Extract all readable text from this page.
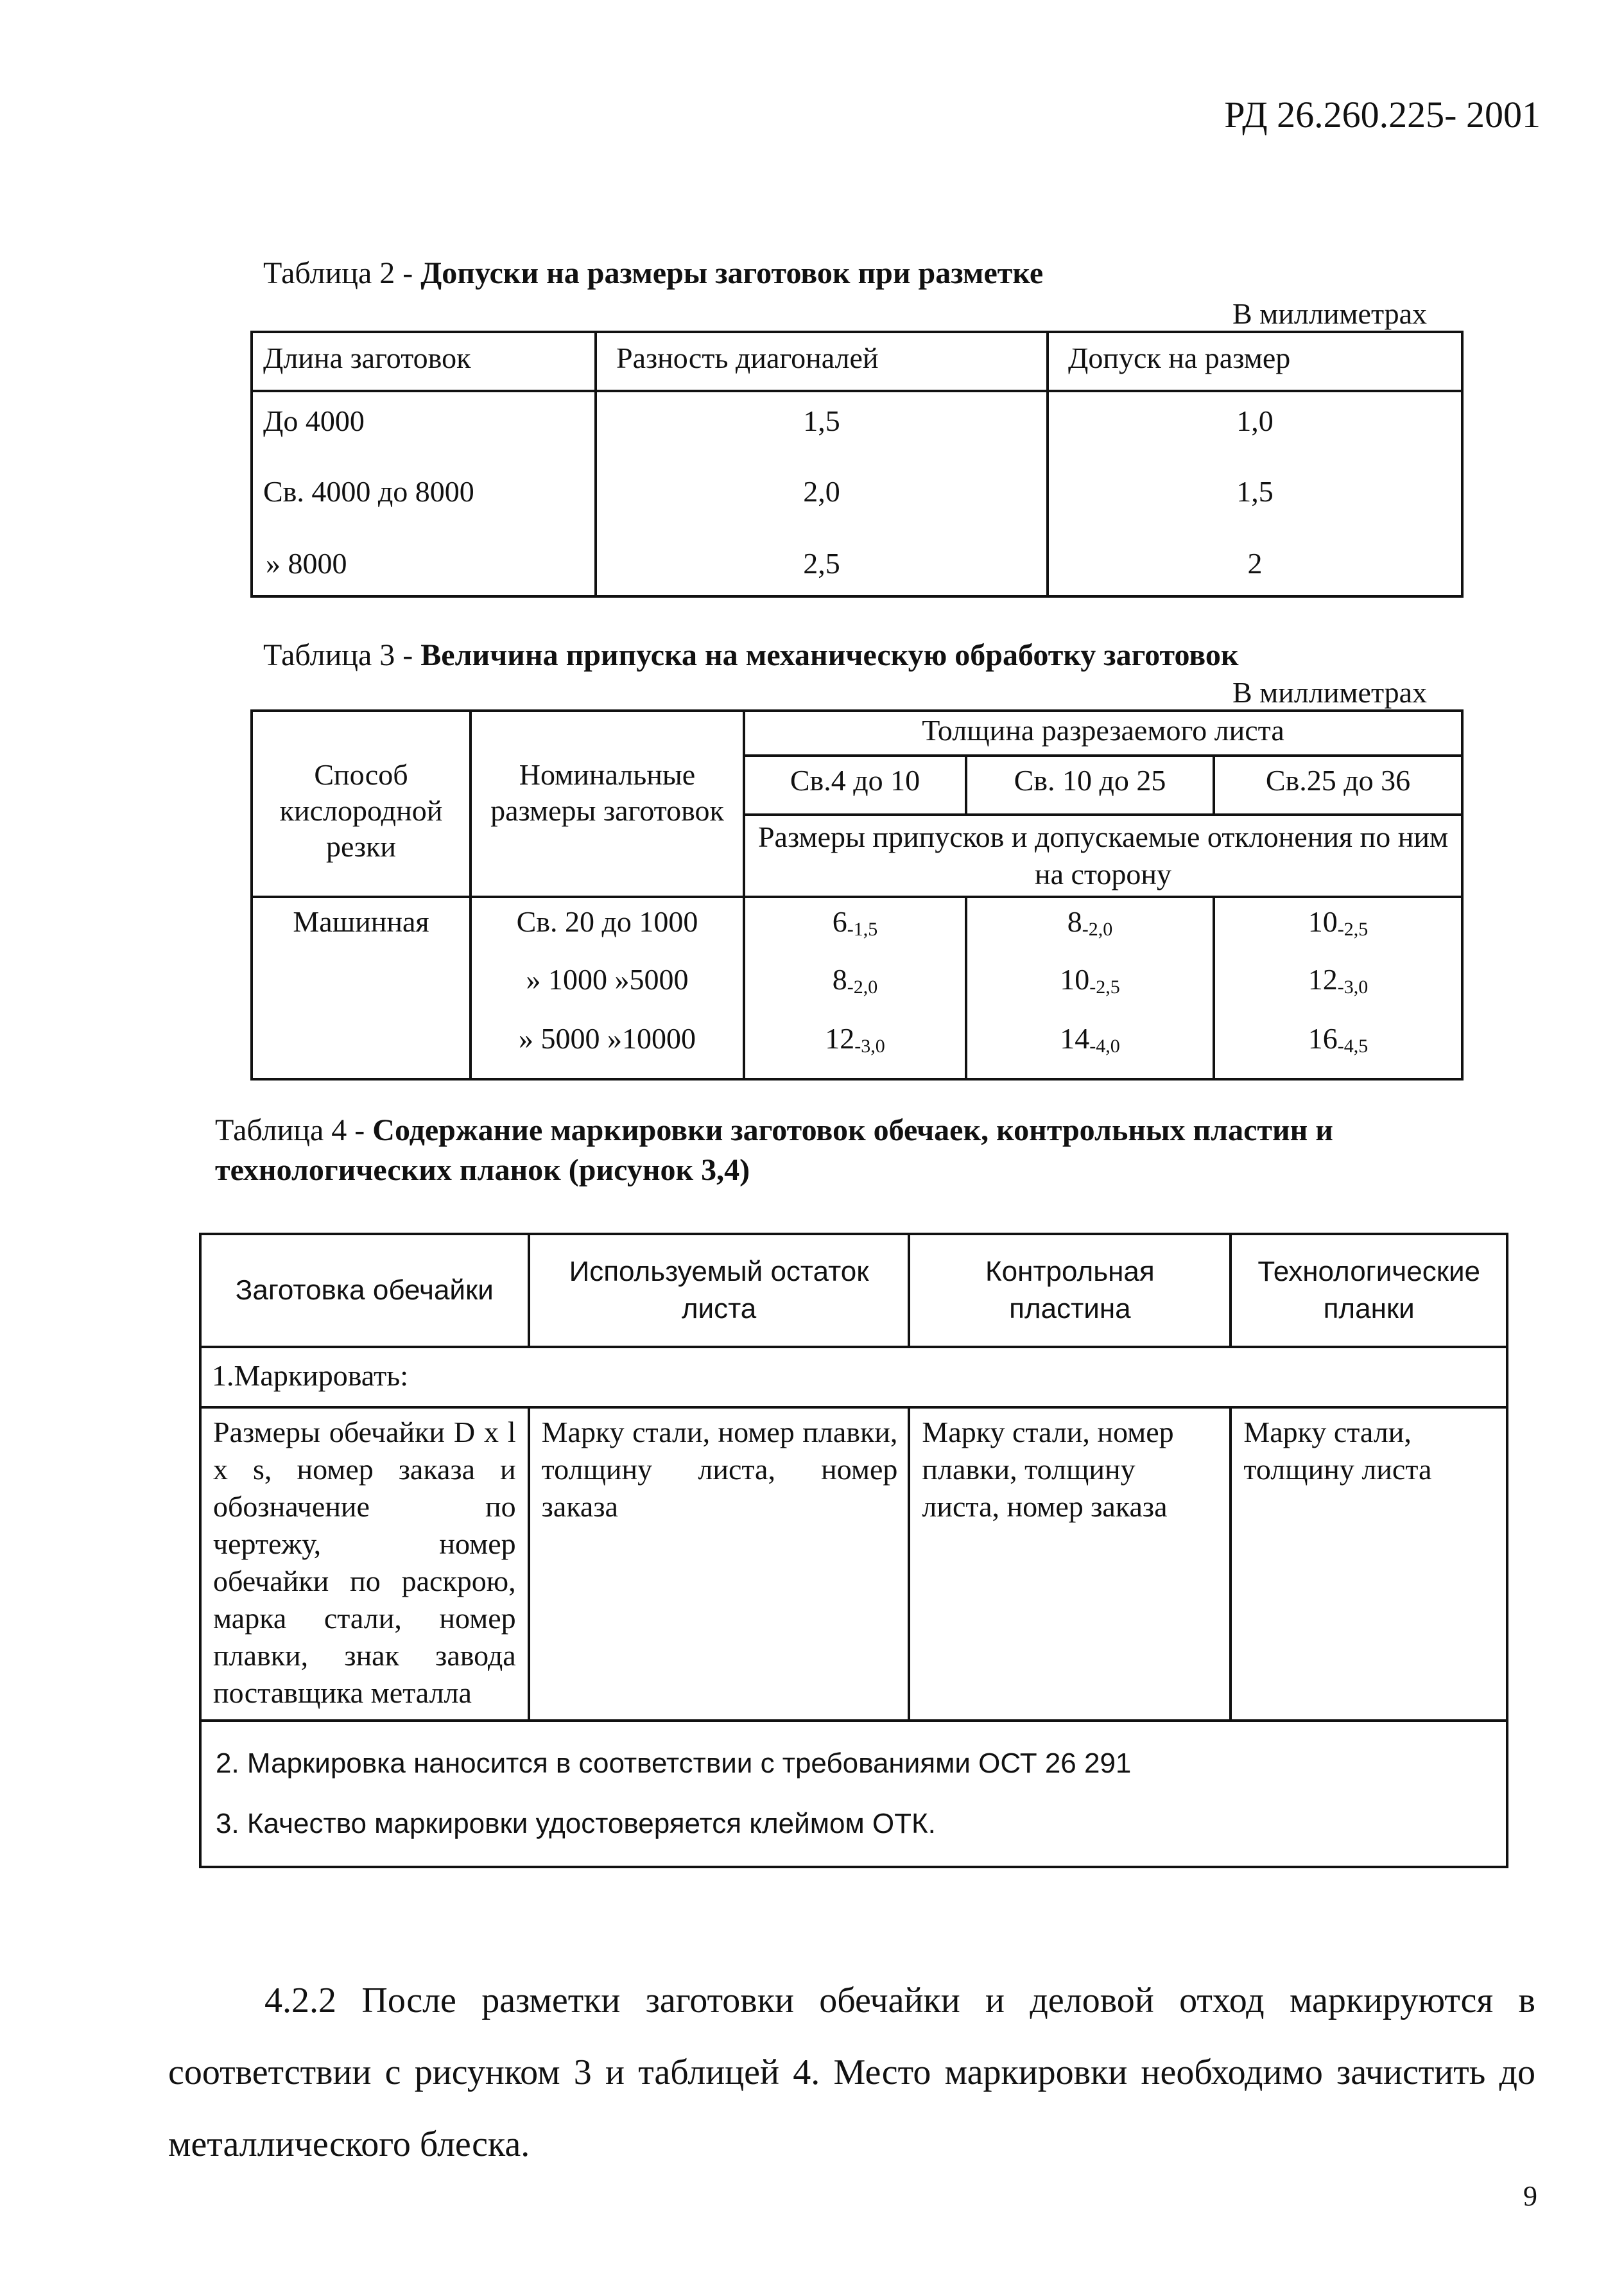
РД 26.260.225- 2001
Таблица 2 - Допуски на размеры заготовок при разметке
В миллиметрах
Длина заготовок	Разность диагоналей	Допуск на размер
До 4000	1,5	1,0
Св. 4000 до 8000	2,0	1,5
» 8000	2,5	2
Таблица 3 - Величина припуска на механическую обработку заготовок
В миллиметрах
Способ кислородной резки	Номинальные размеры заготовок	Толщина разрезаемого листа		
		Св.4 до 10	Св. 10 до 25	Св.25 до 36
		Размеры припусков и допускаемые отклонения по ним на сторону		
Машинная	Св. 20 до 1000	$6_{-1,5}$	$8_{-2,0}$	$10_{-2,5}$
	» 1000 »5000	$8_{-2,0}$	$10_{-2,5}$	$12_{-3,0}$
	» 5000 »10000	$12_{-3,0}$	$14_{-4,0}$	$16_{-4,5}$
Таблица 4 - Содержание маркировки заготовок обечаек, контрольных пластин и
технологических планок (рисунок 3,4)
Заготовка обечайки	Используемый остаток листа	Контрольная пластина	Технологические планки
1.Маркировать:			
Размеры обечайки D x l x s, номер заказа и обозначение по чертежу, номер обечайки по раскрою, марка стали, номер плавки, знак завода поставщика металла	Марку стали, номер плавки, толщину листа, номер заказа	Марку стали, номер плавки, толщину листа, номер заказа	Марку стали, толщину листа

2. Маркировка наносится в соответствии с требованиями ОСТ 26 291
3. Качество маркировки удостоверяется клеймом ОТК.			
4.2.2 После разметки заготовки обечайки и деловой отход маркируются в соответствии с рисунком 3 и таблицей 4. Место маркировки необходимо зачистить до металлического блеска.
9
